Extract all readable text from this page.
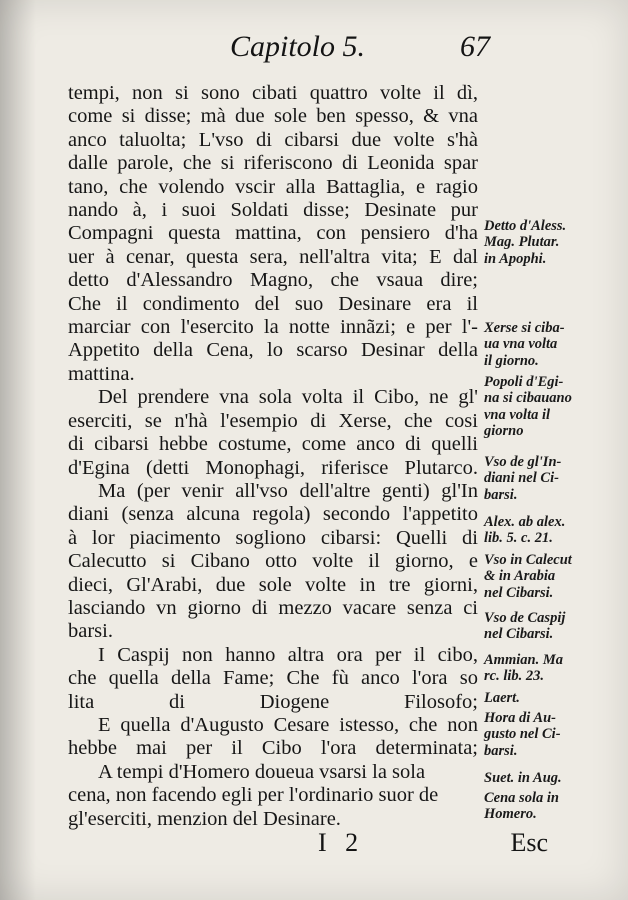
Capitolo 5.	67

tempi, non si sono cibati quattro volte il dì,
come si disse; mà due sole ben spesso, & vna
anco taluolta; L'vso di cibarsi due volte s'hà
dalle parole, che si riferiscono di Leonida spar
tano, che volendo vscir alla Battaglia, e ragio
nando à, i suoi Soldati disse; Desinate pur
Compagni questa mattina, con pensiero d'ha
uer à cenar, questa sera, nell'altra vita; E dal
detto d'Alessandro Magno, che vsaua dire;
Che il condimento del suo Desinare era il
marciar con l'esercito la notte innãzi; e per l'-
Appetito della Cena, lo scarso Desinar della
mattina.

Del prendere vna sola volta il Cibo, ne gl'
eserciti, se n'hà l'esempio di Xerse, che cosi
di cibarsi hebbe costume, come anco di quelli
d'Egina (detti Monophagi, riferisce Plutarco.

Ma (per venir all'vso dell'altre genti) gl'In
diani (senza alcuna regola) secondo l'appetito
à lor piacimento sogliono cibarsi: Quelli di
Calecutto si Cibano otto volte il giorno, e
dieci, Gl'Arabi, due sole volte in tre giorni,
lasciando vn giorno di mezzo vacare senza ci
barsi.

I Caspij non hanno altra ora per il cibo,
che quella della Fame; Che fù anco l'ora so
lita di Diogene Filosofo;

E quella d'Augusto Cesare istesso, che non
hebbe mai per il Cibo l'ora determinata;

A tempi d'Homero doueua vsarsi la sola
cena, non facendo egli per l'ordinario suor de
gl'eserciti, menzion del Desinare.

Detto d'Aless.
Mag. Plutar.
in Apophi.
Xerse si ciba-
ua vna volta
il giorno.
Popoli d'Egi-
na si cibauano
vna volta il
giorno
Vso de gl'In-
diani nel Ci-
barsi.
Alex. ab alex.
lib. 5. c. 21.
Vso in Calecut
& in Arabia
nel Cibarsi.
Vso de Caspij
nel Cibarsi.
Ammian. Ma
rc. lib. 23.
Laert.
Hora di Au-
gusto nel Ci-
barsi.
Suet. in Aug.
Cena sola in
Homero.
I 2	Esc
